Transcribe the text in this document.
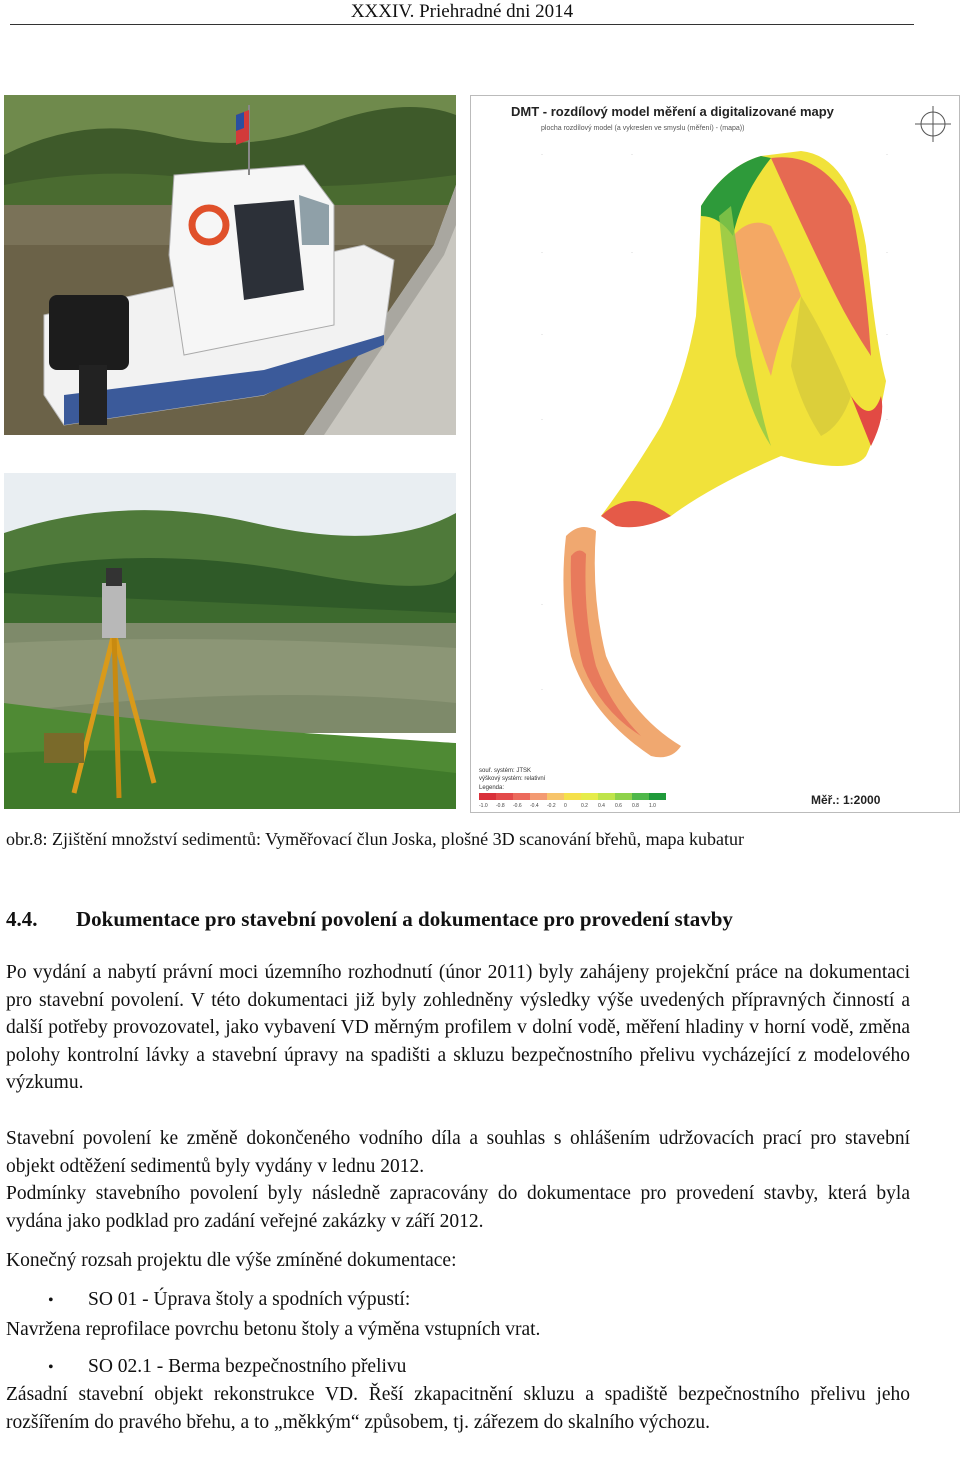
XXXIV. Priehradné dni 2014
DMT - rozdílový model měření a digitalizované mapy
plocha rozdílový model (a vykreslen ve smyslu (měření) - (mapa))
·	·	·
·	·	·
·	·
·	·
·
·
souř. systém: JTSK
výškový systém: relativní
Legenda:
-1.0 -0.8 -0.6 -0.4 -0.2 0	0.2 0.4 0.6 0.8 1.0	Měř.: 1:2000
obr.8: Zjištění množství sedimentů: Vyměřovací člun Joska, plošné 3D scanování břehů, mapa kubatur
4.4. Dokumentace pro stavební povolení a dokumentace pro provedení stavby
Po vydání a nabytí právní moci územního rozhodnutí (únor 2011) byly zahájeny projekční práce na dokumentaci pro stavební povolení. V této dokumentaci již byly zohledněny výsledky výše uvedených přípravných činností a další potřeby provozovatel, jako vybavení VD měrným profilem v dolní vodě, měření hladiny v horní vodě, změna polohy kontrolní lávky a stavební úpravy na spadišti a skluzu bezpečnostního přelivu vycházející z modelového výzkumu.
Stavební povolení ke změně dokončeného vodního díla a souhlas s ohlášením udržovacích prací pro stavební objekt odtěžení sedimentů byly vydány v lednu 2012.
Podmínky stavebního povolení byly následně zapracovány do dokumentace pro provedení stavby, která byla vydána jako podklad pro zadání veřejné zakázky v září 2012.
Konečný rozsah projektu dle výše zmíněné dokumentace:
• SO 01 - Úprava štoly a spodních výpustí:
Navržena reprofilace povrchu betonu štoly a výměna vstupních vrat.
• SO 02.1 - Berma bezpečnostního přelivu
Zásadní stavební objekt rekonstrukce VD. Řeší zkapacitnění skluzu a spadiště bezpečnostního přelivu jeho rozšířením do pravého břehu, a to „měkkým“ způsobem, tj. zářezem do skalního výchozu.
